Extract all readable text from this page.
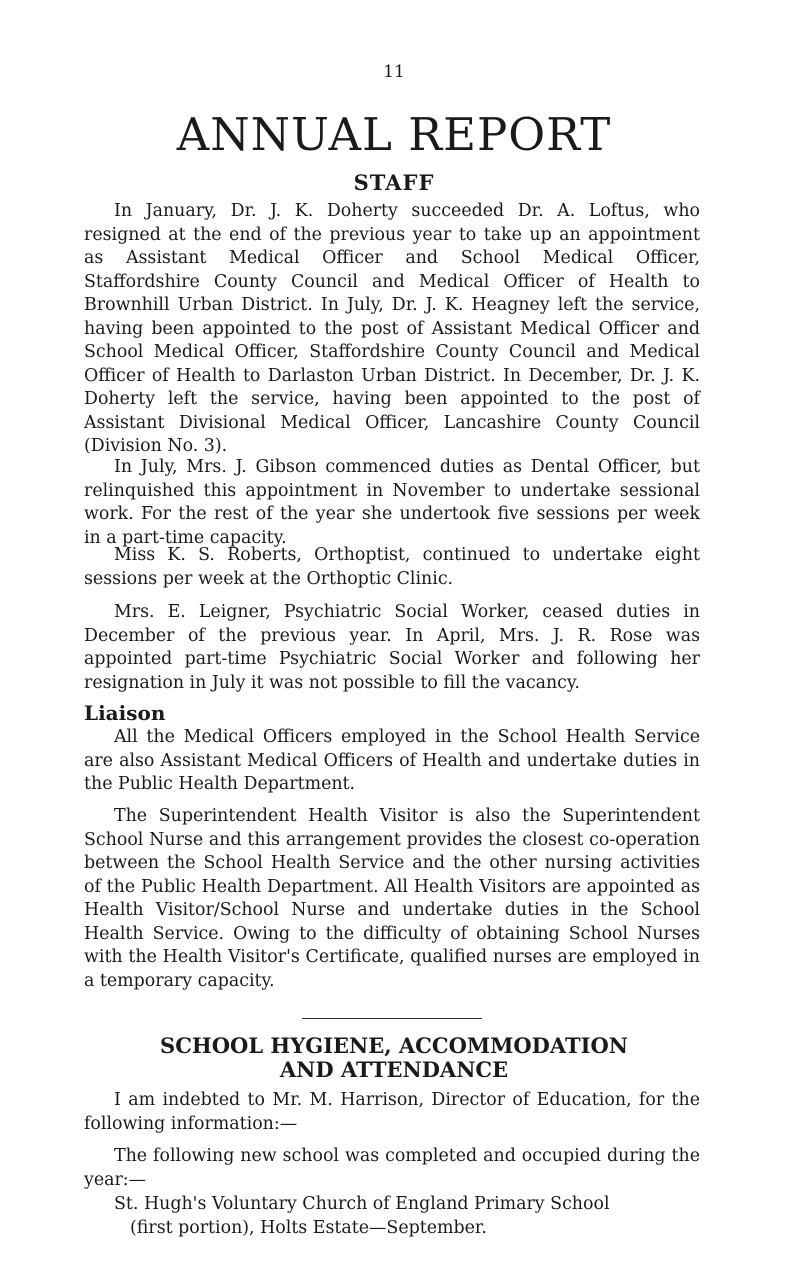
11
ANNUAL REPORT
STAFF

In January, Dr. J. K. Doherty succeeded Dr. A. Loftus, who resigned at the end of the previous year to take up an appointment as Assistant Medical Officer and School Medical Officer, Staffordshire County Council and Medical Officer of Health to Brownhill Urban District. In July, Dr. J. K. Heagney left the service, having been appointed to the post of Assistant Medical Officer and School Medical Officer, Staffordshire County Council and Medical Officer of Health to Darlaston Urban District. In December, Dr. J. K. Doherty left the service, having been appointed to the post of Assistant Divisional Medical Officer, Lancashire County Council (Division No. 3).

In July, Mrs. J. Gibson commenced duties as Dental Officer, but relinquished this appointment in November to undertake sessional work. For the rest of the year she undertook five sessions per week in a part-time capacity.

Miss K. S. Roberts, Orthoptist, continued to undertake eight sessions per week at the Orthoptic Clinic.

Mrs. E. Leigner, Psychiatric Social Worker, ceased duties in December of the previous year. In April, Mrs. J. R. Rose was appointed part-time Psychiatric Social Worker and following her resignation in July it was not possible to fill the vacancy.

Liaison

All the Medical Officers employed in the School Health Service are also Assistant Medical Officers of Health and undertake duties in the Public Health Department.

The Superintendent Health Visitor is also the Superintendent School Nurse and this arrangement provides the closest co-operation between the School Health Service and the other nursing activities of the Public Health Department. All Health Visitors are appointed as Health Visitor/School Nurse and undertake duties in the School Health Service. Owing to the difficulty of obtaining School Nurses with the Health Visitor's Certificate, qualified nurses are employed in a temporary capacity.

SCHOOL HYGIENE, ACCOMMODATION
AND ATTENDANCE

I am indebted to Mr. M. Harrison, Director of Education, for the following information:—

The following new school was completed and occupied during the year:—

St. Hugh's Voluntary Church of England Primary School
(first portion), Holts Estate—September.
